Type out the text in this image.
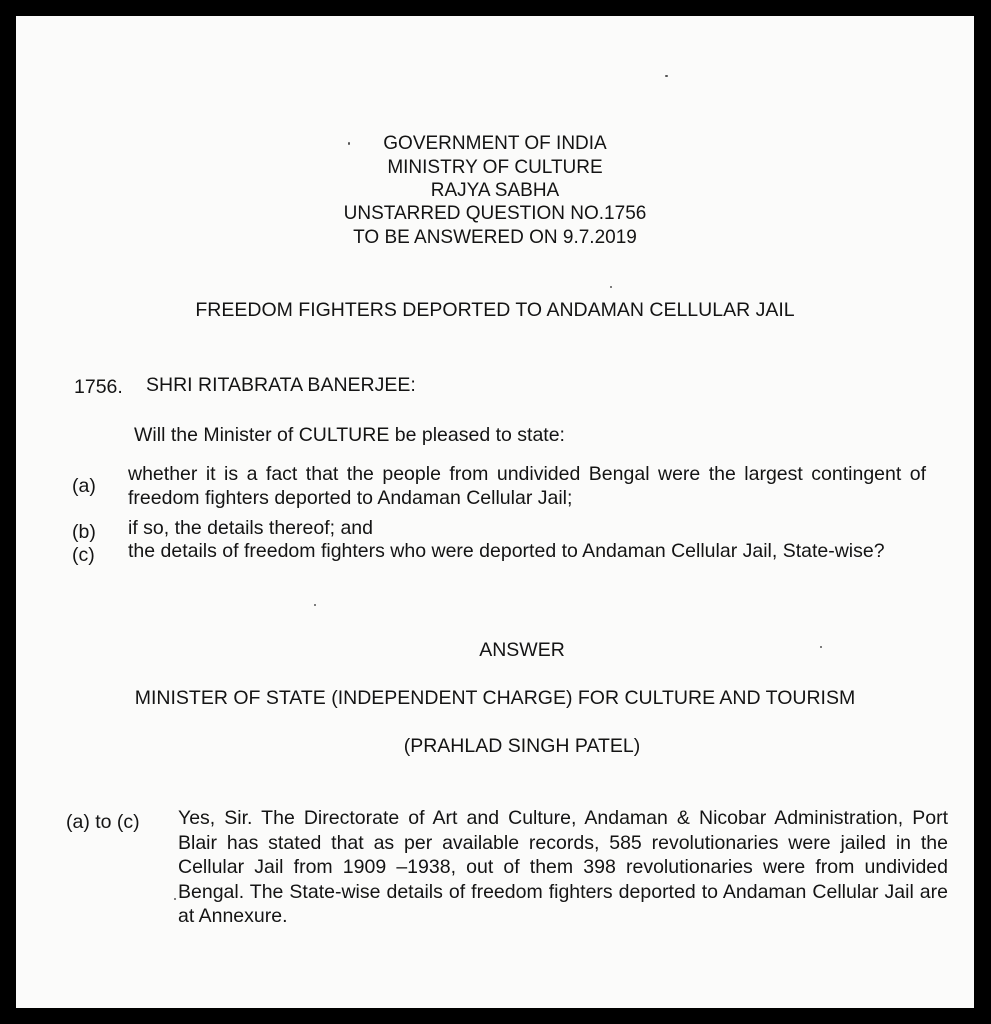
GOVERNMENT OF INDIA
MINISTRY OF CULTURE
RAJYA SABHA
UNSTARRED QUESTION NO.1756
TO BE ANSWERED ON 9.7.2019
FREEDOM FIGHTERS DEPORTED TO ANDAMAN CELLULAR JAIL
1756. SHRI RITABRATA BANERJEE:
Will the Minister of CULTURE be pleased to state:
(a)
whether it is a fact that the people from undivided Bengal were the largest contingent of freedom fighters deported to Andaman Cellular Jail;
(b) if so, the details thereof; and
(c) the details of freedom fighters who were deported to Andaman Cellular Jail, State-wise?
ANSWER
MINISTER OF STATE (INDEPENDENT CHARGE) FOR CULTURE AND TOURISM
(PRAHLAD SINGH PATEL)
(a) to (c) Yes, Sir. The Directorate of Art and Culture, Andaman & Nicobar Administration, Port Blair has stated that as per available records, 585 revolutionaries were jailed in the Cellular Jail from 1909 –1938, out of them 398 revolutionaries were from undivided Bengal. The State-wise details of freedom fighters deported to Andaman Cellular Jail are at Annexure.
